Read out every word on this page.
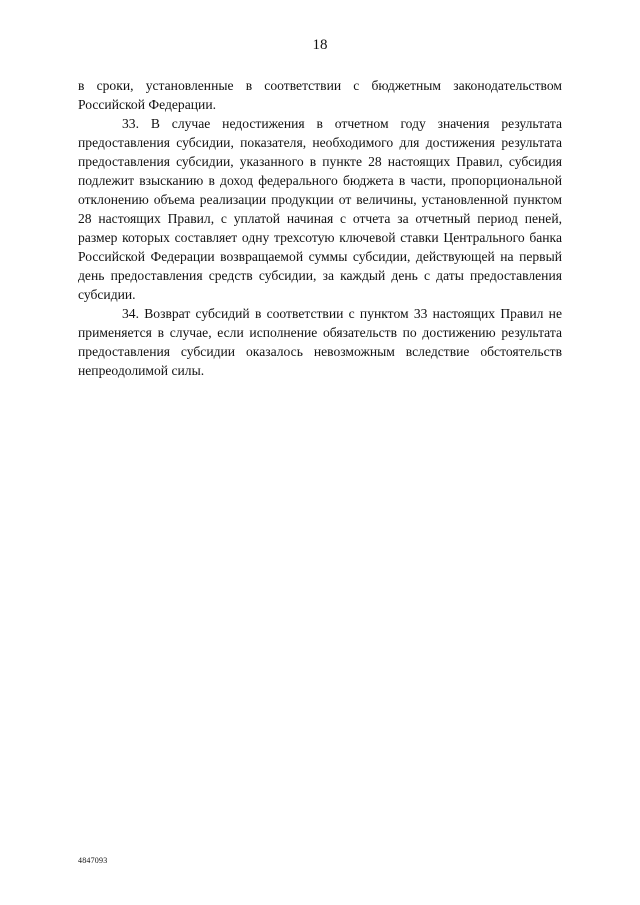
18

в сроки, установленные в соответствии с бюджетным законодательством Российской Федерации.

33. В случае недостижения в отчетном году значения результата предоставления субсидии, показателя, необходимого для достижения результата предоставления субсидии, указанного в пункте 28 настоящих Правил, субсидия подлежит взысканию в доход федерального бюджета в части, пропорциональной отклонению объема реализации продукции от величины, установленной пунктом 28 настоящих Правил, с уплатой начиная с отчета за отчетный период пеней, размер которых составляет одну трехсотую ключевой ставки Центрального банка Российской Федерации возвращаемой суммы субсидии, действующей на первый день предоставления средств субсидии, за каждый день с даты предоставления субсидии.

34. Возврат субсидий в соответствии с пунктом 33 настоящих Правил не применяется в случае, если исполнение обязательств по достижению результата предоставления субсидии оказалось невозможным вследствие обстоятельств непреодолимой силы.

4847093
